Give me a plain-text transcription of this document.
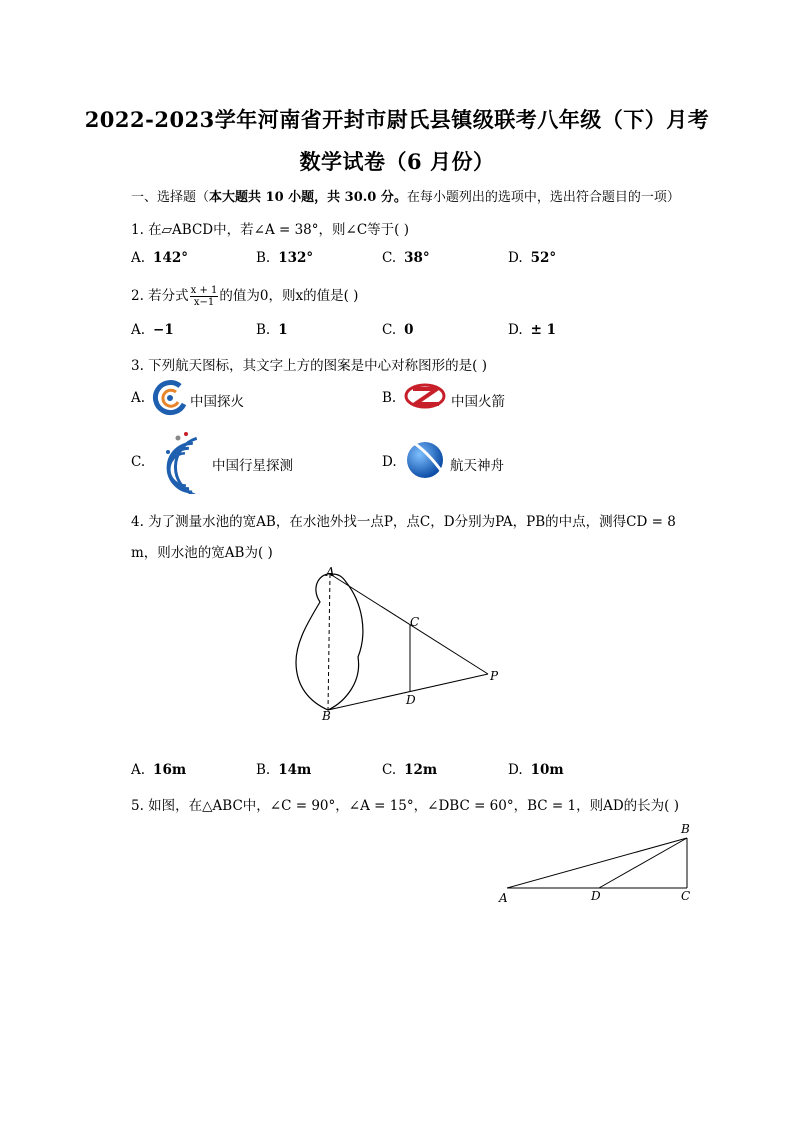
2022-2023学年河南省开封市尉氏县镇级联考八年级（下）月考
数学试卷（6 月份）
一、选择题（本大题共 10 小题，共 30.0 分。在每小题列出的选项中，选出符合题目的一项）
1. 在▱ABCD中，若∠A = 38°，则∠C等于( )
A. 142°	B. 132°	C. 38°	D. 52°
2. 若分式 $\frac{x + 1}{x-1}$ 的值为0，则x的值是( )
A. −1	B. 1	C. 0	D. ± 1
3. 下列航天图标，其文字上方的图案是中心对称图形的是( )
A.	中国探火	B.	中国火箭
C.	中国行星探测	D.	航天神舟
4. 为了测量水池的宽AB，在水池外找一点P，点C，D分别为PA，PB的中点，测得CD = 8
m，则水池的宽AB为( )
A
B
C
D
P
A. 16m	B. 14m	C. 12m	D. 10m
5. 如图，在△ABC中，∠C = 90°，∠A = 15°，∠DBC = 60°，BC = 1，则AD的长为( )
A
B
C
D
